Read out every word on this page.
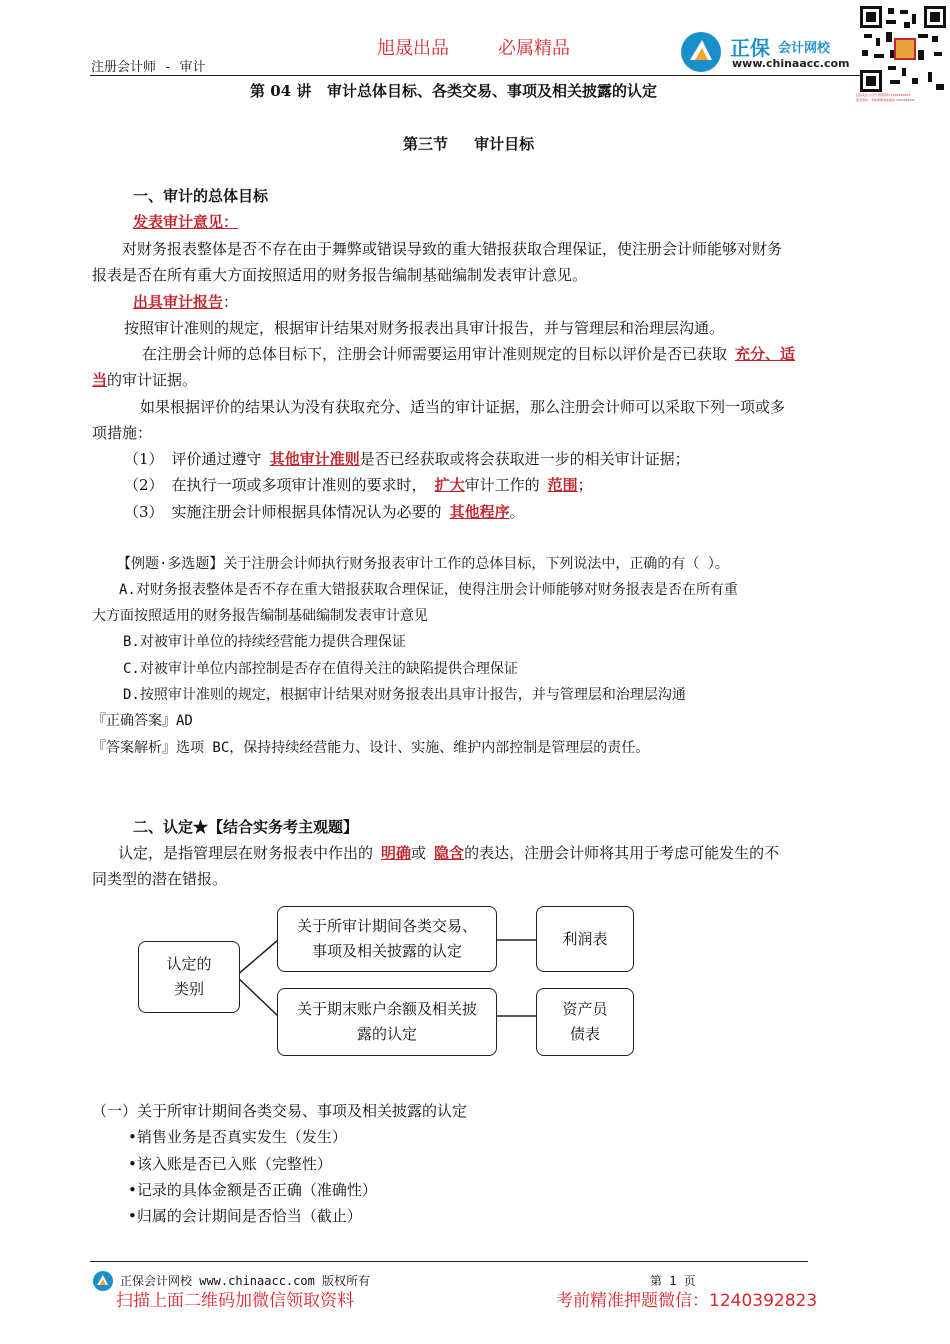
旭晟出品	必属精品
注册会计师 - 审计
正保 会计网校
www.chinaacc.com
扫码关注公众号 领取资料 1240392823
更多资料、考前押题请加微信 1240392823
第 04 讲   审计总体目标、各类交易、事项及相关披露的认定
第三节     审计目标
一、审计的总体目标
发表审计意见：
对财务报表整体是否不存在由于舞弊或错误导致的重大错报获取合理保证，使注册会计师能够对财务
报表是否在所有重大方面按照适用的财务报告编制基础编制发表审计意见。
出具审计报告：
按照审计准则的规定，根据审计结果对财务报表出具审计报告，并与管理层和治理层沟通。
在注册会计师的总体目标下，注册会计师需要运用审计准则规定的目标以评价是否已获取 充分、适
当的审计证据。
如果根据评价的结果认为没有获取充分、适当的审计证据，那么注册会计师可以采取下列一项或多
项措施：
（1） 评价通过遵守 其他审计准则是否已经获取或将会获取进一步的相关审计证据；
（2） 在执行一项或多项审计准则的要求时， 扩大审计工作的 范围；
（3） 实施注册会计师根据具体情况认为必要的 其他程序。
【例题·多选题】关于注册会计师执行财务报表审计工作的总体目标，下列说法中，正确的有（ ）。
A.对财务报表整体是否不存在重大错报获取合理保证，使得注册会计师能够对财务报表是否在所有重
大方面按照适用的财务报告编制基础编制发表审计意见
B.对被审计单位的持续经营能力提供合理保证
C.对被审计单位内部控制是否存在值得关注的缺陷提供合理保证
D.按照审计准则的规定，根据审计结果对财务报表出具审计报告，并与管理层和治理层沟通
『正确答案』AD
『答案解析』选项 BC，保持持续经营能力、设计、实施、维护内部控制是管理层的责任。
二、认定★【结合实务考主观题】
认定，是指管理层在财务报表中作出的 明确或 隐含的表达，注册会计师将其用于考虑可能发生的不
同类型的潜在错报。
认定的
类别
关于所审计期间各类交易、
事项及相关披露的认定
关于期末账户余额及相关披
露的认定
利润表
资产员
债表
（一）关于所审计期间各类交易、事项及相关披露的认定
•销售业务是否真实发生（发生）
•该入账是否已入账（完整性）
•记录的具体金额是否正确（准确性）
•归属的会计期间是否恰当（截止）
正保会计网校 www.chinaacc.com 版权所有	第 1 页
扫描上面二维码加微信领取资料	考前精准押题微信：1240392823
